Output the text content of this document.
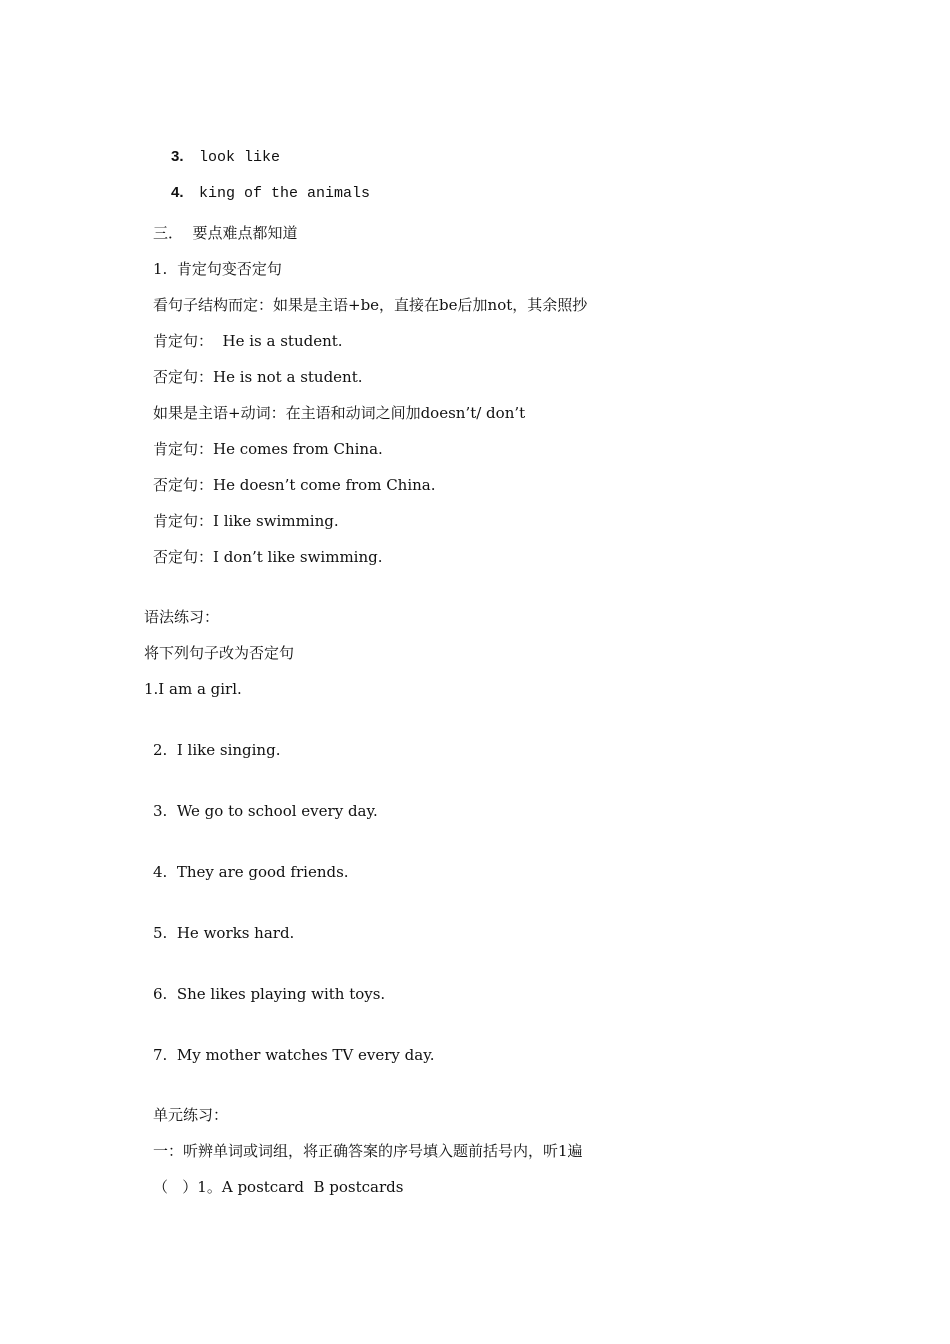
3. look like

4. king of the animals

三．  要点难点都知道
1.  肯定句变否定句
看句子结构而定：如果是主语+be，直接在be后加not，其余照抄
肯定句：  He is a student.
否定句：He is not a student.
如果是主语+动词：在主语和动词之间加doesn’t/ don’t
肯定句：He comes from China.
否定句：He doesn’t come from China.
肯定句：I like swimming.
否定句：I don’t like swimming.
语法练习：
将下列句子改为否定句
1.I am a girl.
2.  I like singing.
3.  We go to school every day.
4.  They are good friends.
5.  He works hard.
6.  She likes playing with toys.
7.  My mother watches TV every day.
单元练习：
一：听辨单词或词组，将正确答案的序号填入题前括号内，听1遍
（   ）1。A postcard  B postcards
